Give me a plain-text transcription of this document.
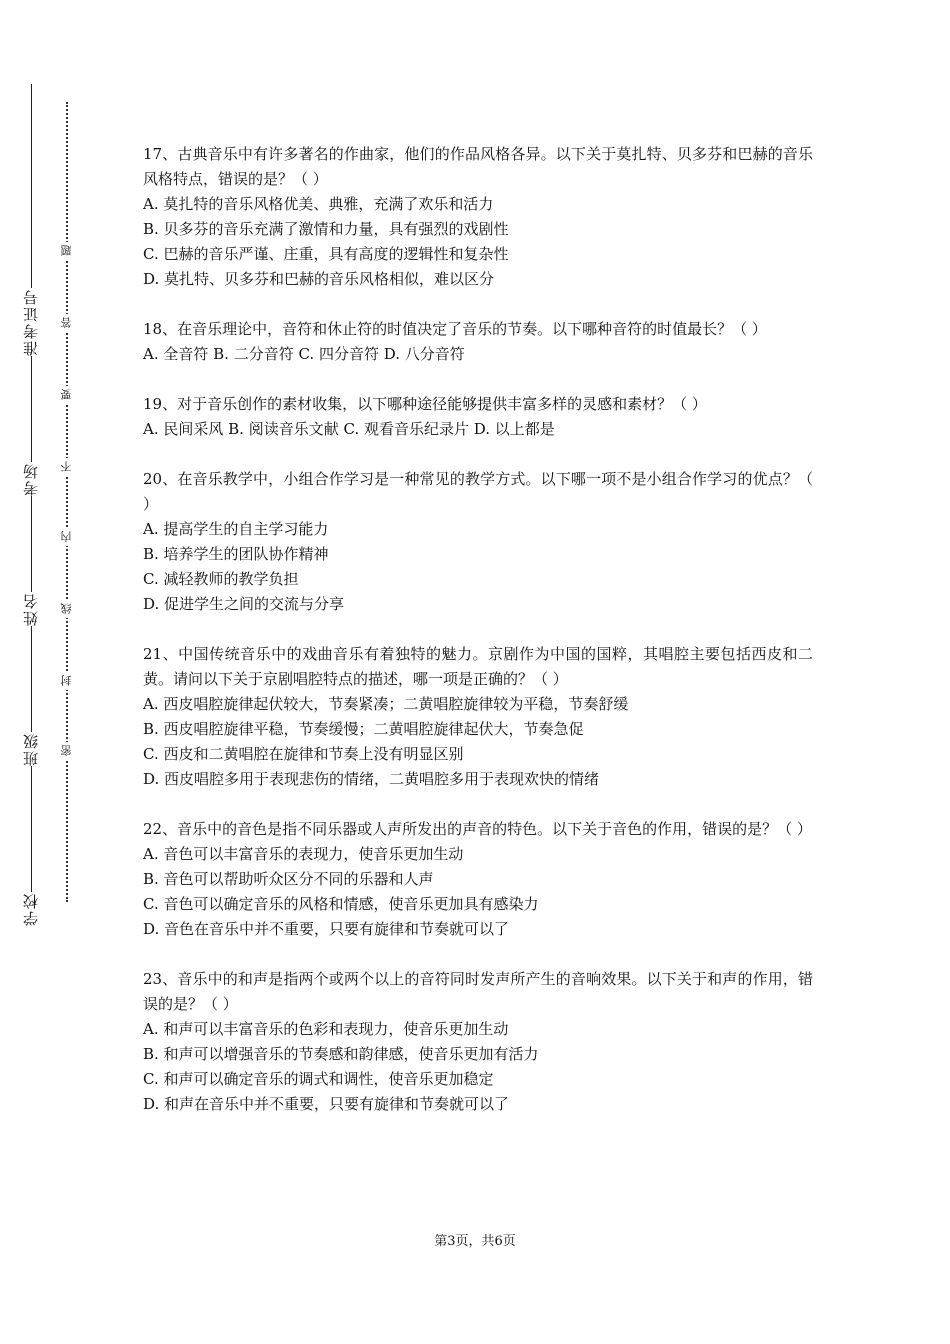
准考证号
考场
姓名
班级
学校
题
答
要
不
内
线
封
密

17、古典音乐中有许多著名的作曲家，他们的作品风格各异。以下关于莫扎特、贝多芬和巴赫的音乐风格特点，错误的是？（ ）

A. 莫扎特的音乐风格优美、典雅，充满了欢乐和活力

B. 贝多芬的音乐充满了激情和力量，具有强烈的戏剧性

C. 巴赫的音乐严谨、庄重，具有高度的逻辑性和复杂性

D. 莫扎特、贝多芬和巴赫的音乐风格相似，难以区分

18、在音乐理论中，音符和休止符的时值决定了音乐的节奏。以下哪种音符的时值最长？（ ）

A. 全音符 B. 二分音符 C. 四分音符 D. 八分音符

19、对于音乐创作的素材收集，以下哪种途径能够提供丰富多样的灵感和素材？（ ）

A. 民间采风 B. 阅读音乐文献 C. 观看音乐纪录片 D. 以上都是

20、在音乐教学中，小组合作学习是一种常见的教学方式。以下哪一项不是小组合作学习的优点？（ ）

A. 提高学生的自主学习能力

B. 培养学生的团队协作精神

C. 减轻教师的教学负担

D. 促进学生之间的交流与分享

21、中国传统音乐中的戏曲音乐有着独特的魅力。京剧作为中国的国粹，其唱腔主要包括西皮和二黄。请问以下关于京剧唱腔特点的描述，哪一项是正确的？（ ）

A. 西皮唱腔旋律起伏较大，节奏紧凑；二黄唱腔旋律较为平稳，节奏舒缓

B. 西皮唱腔旋律平稳，节奏缓慢；二黄唱腔旋律起伏大，节奏急促

C. 西皮和二黄唱腔在旋律和节奏上没有明显区别

D. 西皮唱腔多用于表现悲伤的情绪，二黄唱腔多用于表现欢快的情绪

22、音乐中的音色是指不同乐器或人声所发出的声音的特色。以下关于音色的作用，错误的是？（ ）

A. 音色可以丰富音乐的表现力，使音乐更加生动

B. 音色可以帮助听众区分不同的乐器和人声

C. 音色可以确定音乐的风格和情感，使音乐更加具有感染力

D. 音色在音乐中并不重要，只要有旋律和节奏就可以了

23、音乐中的和声是指两个或两个以上的音符同时发声所产生的音响效果。以下关于和声的作用，错误的是？（ ）

A. 和声可以丰富音乐的色彩和表现力，使音乐更加生动

B. 和声可以增强音乐的节奏感和韵律感，使音乐更加有活力

C. 和声可以确定音乐的调式和调性，使音乐更加稳定

D. 和声在音乐中并不重要，只要有旋律和节奏就可以了

第3页，共6页
